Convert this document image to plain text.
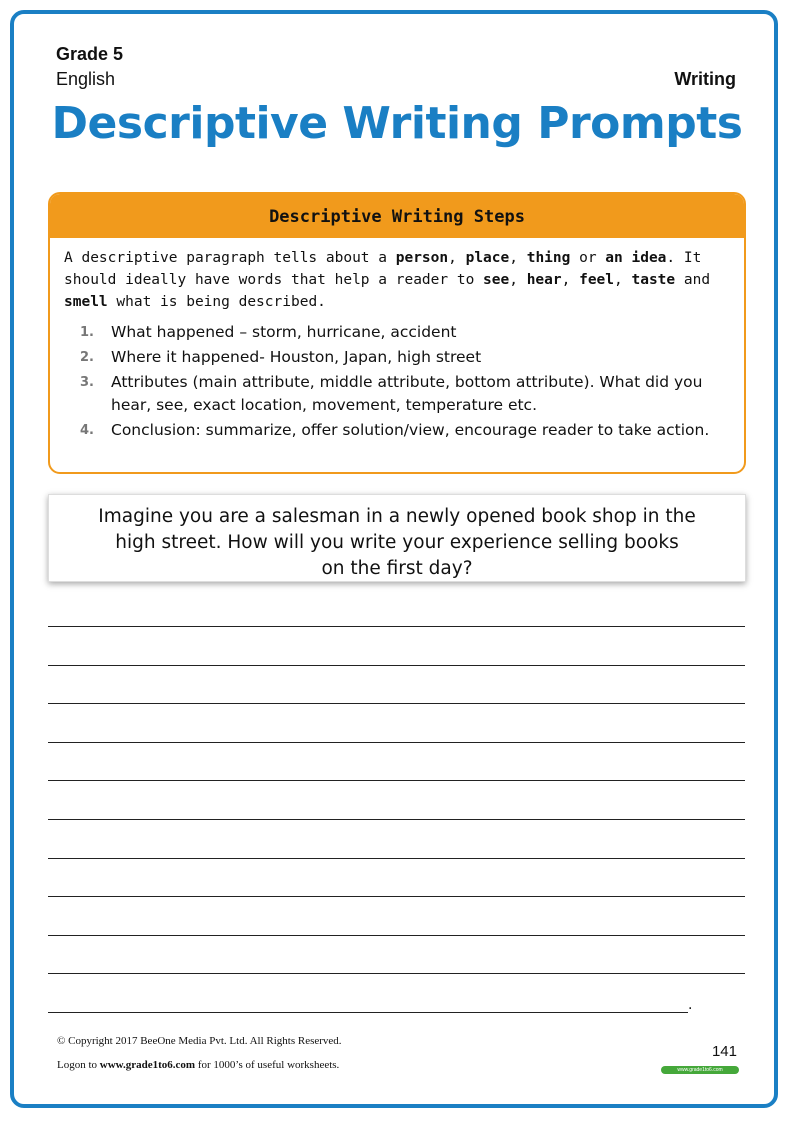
Grade 5
English	Writing
Descriptive Writing Prompts
Descriptive Writing Steps
A descriptive paragraph tells about a person, place, thing or an idea. It should ideally have words that help a reader to see, hear, feel, taste and smell what is being described.
1. What happened – storm, hurricane, accident
2. Where it happened- Houston, Japan, high street
3. Attributes (main attribute, middle attribute, bottom attribute). What did you hear, see, exact location, movement, temperature etc.
4. Conclusion: summarize, offer solution/view, encourage reader to take action.
Imagine you are a salesman in a newly opened book shop in the
high street. How will you write your experience selling books
on the first day?
.
© Copyright 2017 BeeOne Media Pvt. Ltd. All Rights Reserved.
Logon to www.grade1to6.com for 1000’s of useful worksheets.
141
www.grade1to6.com
